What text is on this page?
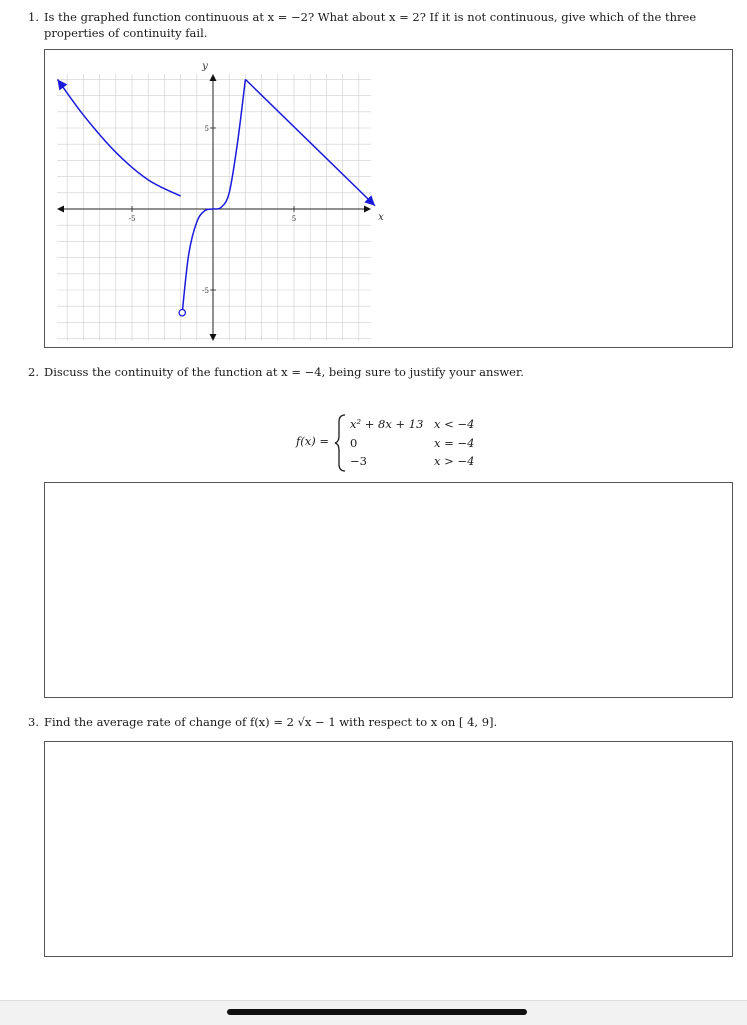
1. Is the graphed function continuous at x = −2? What about x = 2? If it is not continuous, give which of the three
properties of continuity fail.
y
x
-5	5
5
-5
2. Discuss the continuity of the function at x = −4, being sure to justify your answer.
f(x) =
x² + 8x + 13 x < −4
0	x = −4
−3	x > −4
3. Find the average rate of change of f(x) = 2 √x − 1 with respect to x on [ 4, 9].
